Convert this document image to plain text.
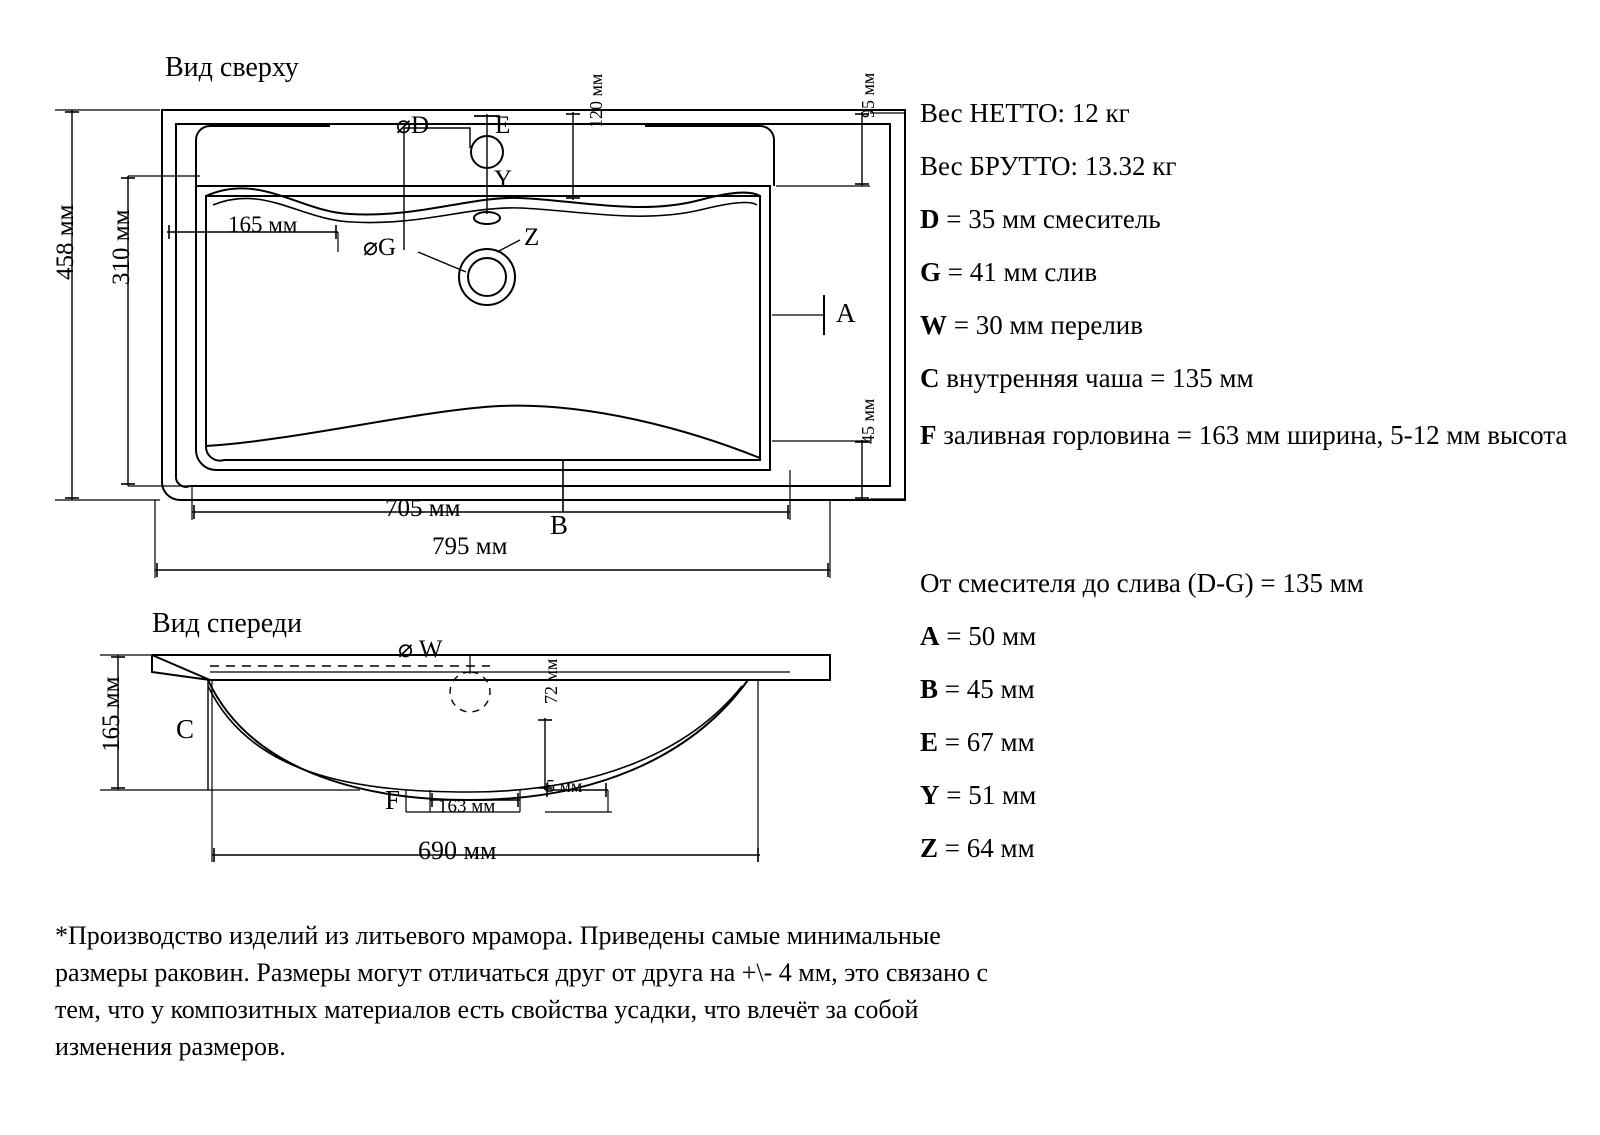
Вид сверху
458 мм 310 мм	165 мм
120 мм	95 мм
45 мм
⌀D
⌀G
E
Y
Z
A
B
705 мм
795 мм
Вид спереди
165 мм
⌀ W
C
F
72 мм
5 мм
163 мм
690 мм
Вес НЕТТО: 12 кг
Вес БРУТТО: 13.32 кг
D = 35 мм смеситель
G = 41 мм слив
W = 30 мм перелив
C внутренняя чаша = 135 мм
F заливная горловина = 163 мм ширина, 5-12 мм высота
От смесителя до слива (D-G) = 135 мм
A = 50 мм
B = 45 мм
E = 67 мм
Y = 51 мм
Z = 64 мм
*Производство изделий из литьевого мрамора. Приведены самые минимальные размеры раковин. Размеры могут отличаться друг от друга на +\- 4 мм, это связано с тем, что у композитных материалов есть свойства усадки, что влечёт за собой изменения размеров.
